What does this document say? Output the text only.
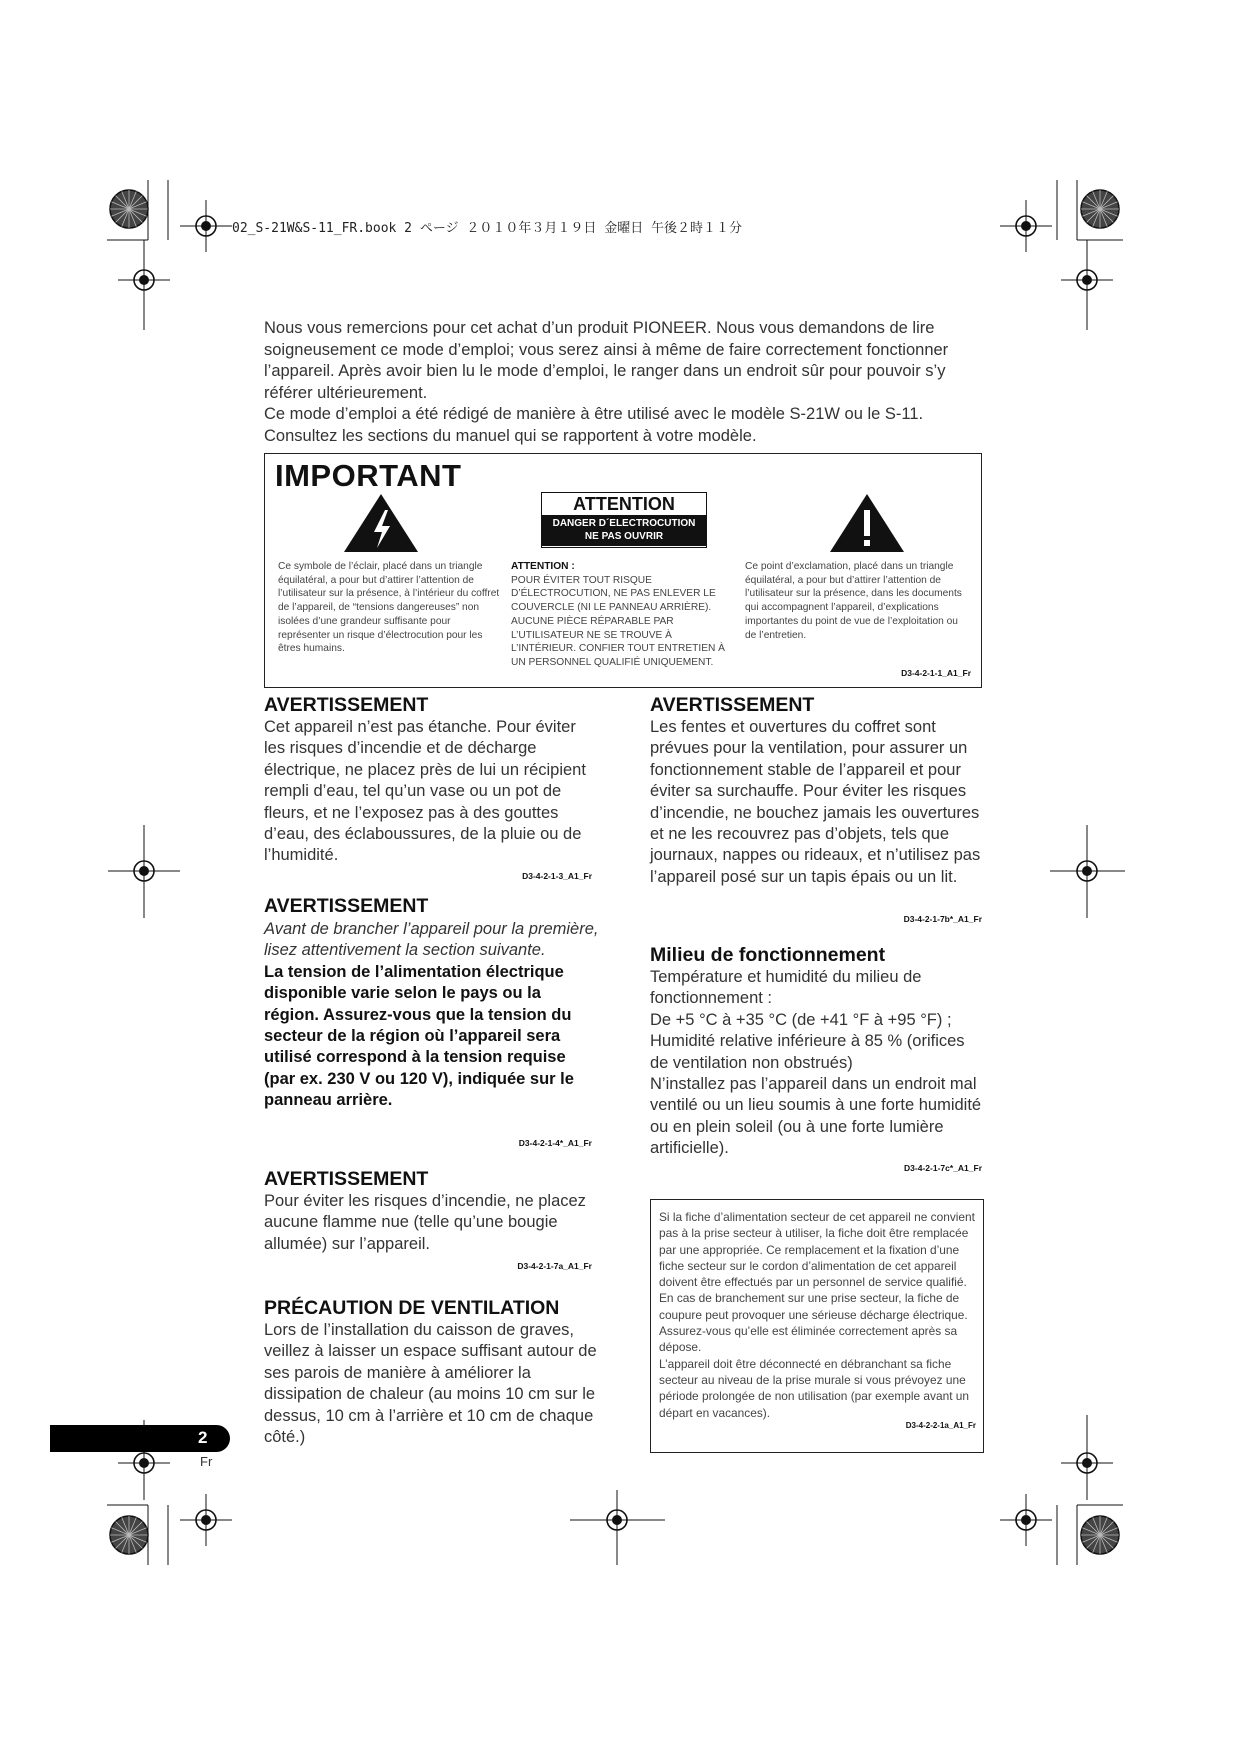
02_S-21W&S-11_FR.book 2 ページ ２０１０年３月１９日 金曜日 午後２時１１分

Nous vous remercions pour cet achat d’un produit PIONEER. Nous vous demandons de lire soigneusement ce mode d’emploi; vous serez ainsi à même de faire correctement fonctionner l’appareil. Après avoir bien lu le mode d’emploi, le ranger dans un endroit sûr pour pouvoir s’y référer ultérieurement.

Ce mode d’emploi a été rédigé de manière à être utilisé avec le modèle S-21W ou le S-11. Consultez les sections du manuel qui se rapportent à votre modèle.

IMPORTANT
ATTENTION
DANGER D´ELECTROCUTION
NE PAS OUVRIR
Ce symbole de l’éclair, placé dans un triangle équilatéral, a pour but d’attirer l’attention de l’utilisateur sur la présence, à l’intérieur du coffret de l’appareil, de “tensions dangereuses” non isolées d’une grandeur suffisante pour représenter un risque d’électrocution pour les êtres humains.
ATTENTION :
POUR ÉVITER TOUT RISQUE D’ÉLECTROCUTION, NE PAS ENLEVER LE COUVERCLE (NI LE PANNEAU ARRIÈRE). AUCUNE PIÈCE RÉPARABLE PAR L’UTILISATEUR NE SE TROUVE À L’INTÉRIEUR. CONFIER TOUT ENTRETIEN À UN PERSONNEL QUALIFIÉ UNIQUEMENT.
Ce point d’exclamation, placé dans un triangle équilatéral, a pour but d’attirer l’attention de l’utilisateur sur la présence, dans les documents qui accompagnent l’appareil, d’explications importantes du point de vue de l’exploitation ou de l’entretien.
D3-4-2-1-1_A1_Fr
AVERTISSEMENT
Cet appareil n’est pas étanche. Pour éviter les risques d’incendie et de décharge électrique, ne placez près de lui un récipient rempli d’eau, tel qu’un vase ou un pot de fleurs, et ne l’exposez pas à des gouttes d’eau, des éclaboussures, de la pluie ou de l’humidité.
D3-4-2-1-3_A1_Fr
AVERTISSEMENT

Avant de brancher l’appareil pour la première, lisez attentivement la section suivante.

La tension de l’alimentation électrique disponible varie selon le pays ou la région. Assurez-vous que la tension du secteur de la région où l’appareil sera utilisé correspond à la tension requise (par ex. 230 V ou 120 V), indiquée sur le panneau arrière.

D3-4-2-1-4*_A1_Fr
AVERTISSEMENT
Pour éviter les risques d’incendie, ne placez aucune flamme nue (telle qu’une bougie allumée) sur l’appareil.
D3-4-2-1-7a_A1_Fr
PRÉCAUTION DE VENTILATION
Lors de l’installation du caisson de graves, veillez à laisser un espace suffisant autour de ses parois de manière à améliorer la dissipation de chaleur (au moins 10 cm sur le dessus, 10 cm à l’arrière et 10 cm de chaque côté.)
AVERTISSEMENT
Les fentes et ouvertures du coffret sont prévues pour la ventilation, pour assurer un fonctionnement stable de l’appareil et pour éviter sa surchauffe. Pour éviter les risques d’incendie, ne bouchez jamais les ouvertures et ne les recouvrez pas d’objets, tels que journaux, nappes ou rideaux, et n’utilisez pas l’appareil posé sur un tapis épais ou un lit.
D3-4-2-1-7b*_A1_Fr
Milieu de fonctionnement

Température et humidité du milieu de fonctionnement :

De +5 °C à +35 °C (de +41 °F à +95 °F) ; Humidité relative inférieure à 85 % (orifices de ventilation non obstrués)

N’installez pas l’appareil dans un endroit mal ventilé ou un lieu soumis à une forte humidité ou en plein soleil (ou à une forte lumière artificielle).

D3-4-2-1-7c*_A1_Fr
Si la fiche d’alimentation secteur de cet appareil ne convient pas à la prise secteur à utiliser, la fiche doit être remplacée par une appropriée. Ce remplacement et la fixation d’une fiche secteur sur le cordon d’alimentation de cet appareil doivent être effectués par un personnel de service qualifié. En cas de branchement sur une prise secteur, la fiche de coupure peut provoquer une sérieuse décharge électrique. Assurez-vous qu’elle est éliminée correctement après sa dépose.
L’appareil doit être déconnecté en débranchant sa fiche secteur au niveau de la prise murale si vous prévoyez une période prolongée de non utilisation (par exemple avant un départ en vacances).
D3-4-2-2-1a_A1_Fr
2
Fr
